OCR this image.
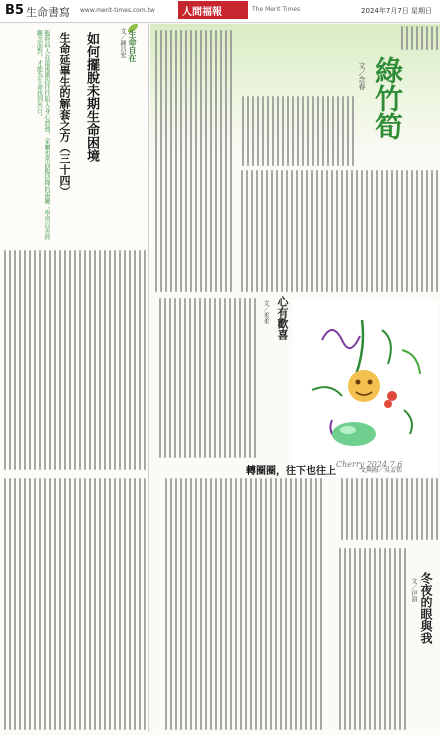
B5 生命書寫 www.merit-times.com.tw	人間福報	The Merit Times	2024年7月7日 星期日
生命自在
文／鍾昌宏
如何擺脫未期生命困境
生命延畢生的解套之方（三十四）
臨終病人在最後階段往往陷入身心煎熬，家屬也常面臨抉擇的兩難；學習以善終觀念面對，才能為生命找到出口。	綠竹筍
文／念春
心有歡喜
文／柔柔
Cherry 2024.7.6
轉圈圈，往下也往上	文與圖／吳孟恬
冬夜的眼與我
文／伊湄
